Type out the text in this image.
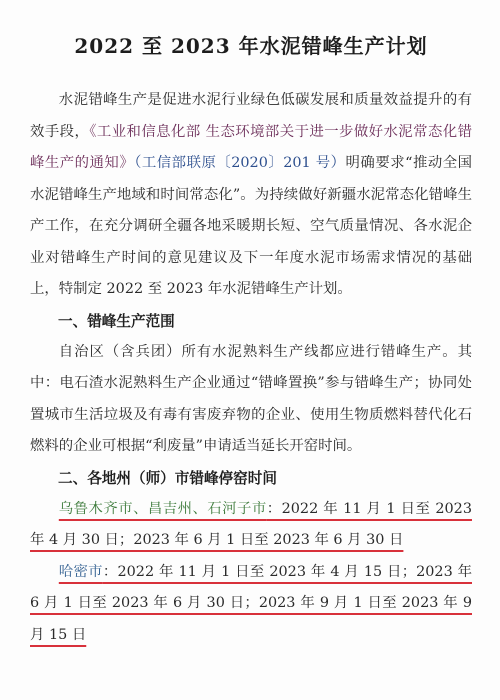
2022 至 2023 年水泥错峰生产计划

水泥错峰生产是促进水泥行业绿色低碳发展和质量效益提升的有效手段，《工业和信息化部 生态环境部关于进一步做好水泥常态化错峰生产的通知》（工信部联原〔2020〕201 号）明确要求“推动全国水泥错峰生产地域和时间常态化”。为持续做好新疆水泥常态化错峰生产工作，在充分调研全疆各地采暖期长短、空气质量情况、各水泥企业对错峰生产时间的意见建议及下一年度水泥市场需求情况的基础上，特制定 2022 至 2023 年水泥错峰生产计划。

一、错峰生产范围

自治区（含兵团）所有水泥熟料生产线都应进行错峰生产。其中：电石渣水泥熟料生产企业通过“错峰置换”参与错峰生产；协同处置城市生活垃圾及有毒有害废弃物的企业、使用生物质燃料替代化石燃料的企业可根据“利废量”申请适当延长开窑时间。

二、各地州（师）市错峰停窑时间

乌鲁木齐市、昌吉州、石河子市：2022 年 11 月 1 日至 2023 年 4 月 30 日；2023 年 6 月 1 日至 2023 年 6 月 30 日

哈密市：2022 年 11 月 1 日至 2023 年 4 月 15 日；2023 年 6 月 1 日至 2023 年 6 月 30 日；2023 年 9 月 1 日至 2023 年 9 月 15 日
